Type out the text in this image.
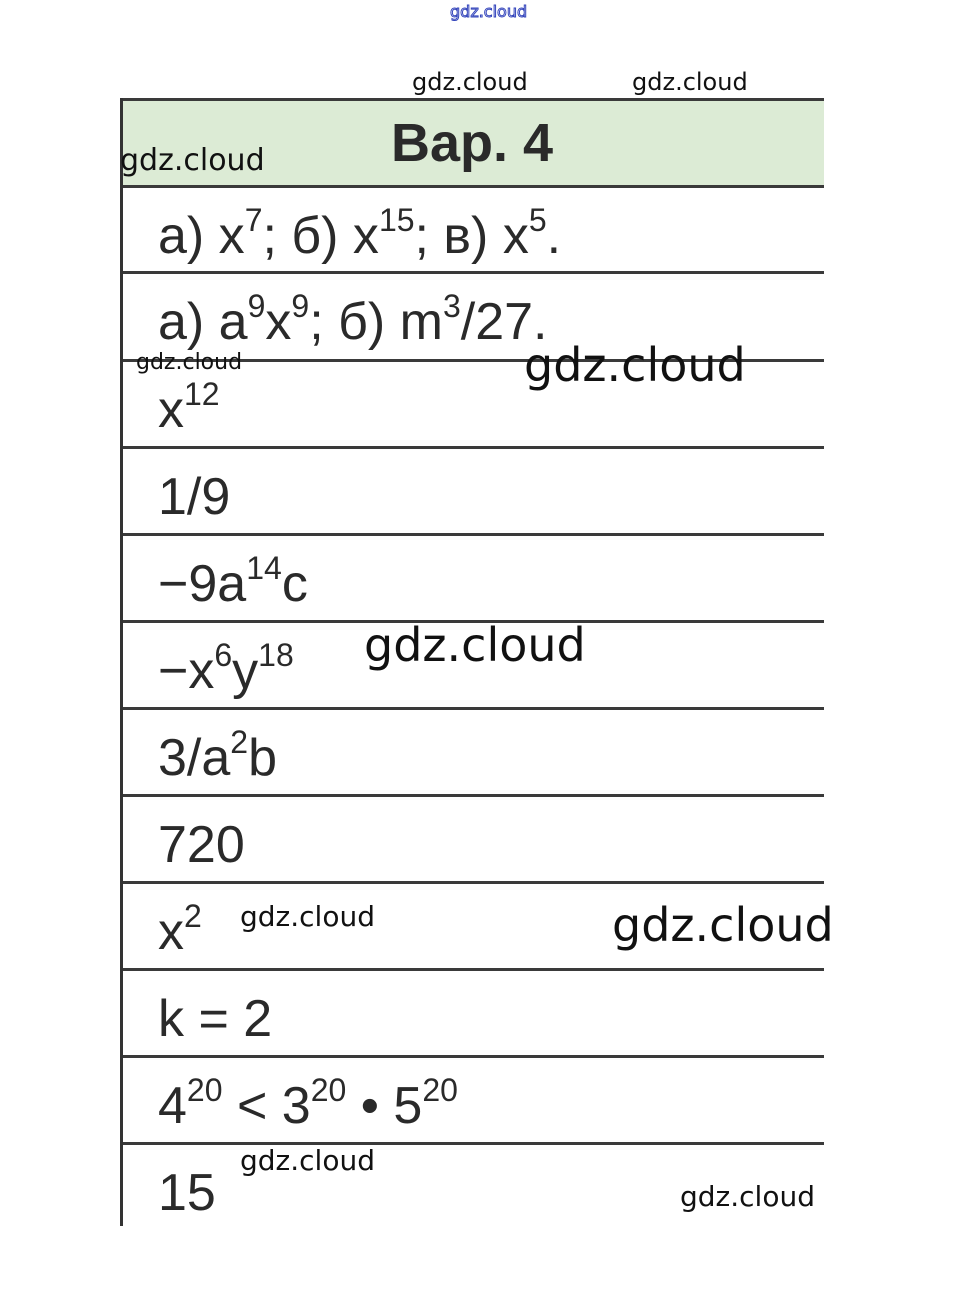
gdz.cloud
gdz.cloud	gdz.cloud
Вар. 4
а) $x^7$; б) $x^{15}$; в) $x^5$.
а) $a^9x^9$; б) $m^3/27$.
$x^{12}$
1/9
$-9a^{14}c$
$-x^6y^{18}$
$3/a^2b$
720
$x^2$
k = 2
$4^{20} < 3^{20}$ • $5^{20}$
15
gdz.cloud
gdz.cloud	gdz.cloud
gdz.cloud
gdz.cloud	gdz.cloud
gdz.cloud
gdz.cloud
